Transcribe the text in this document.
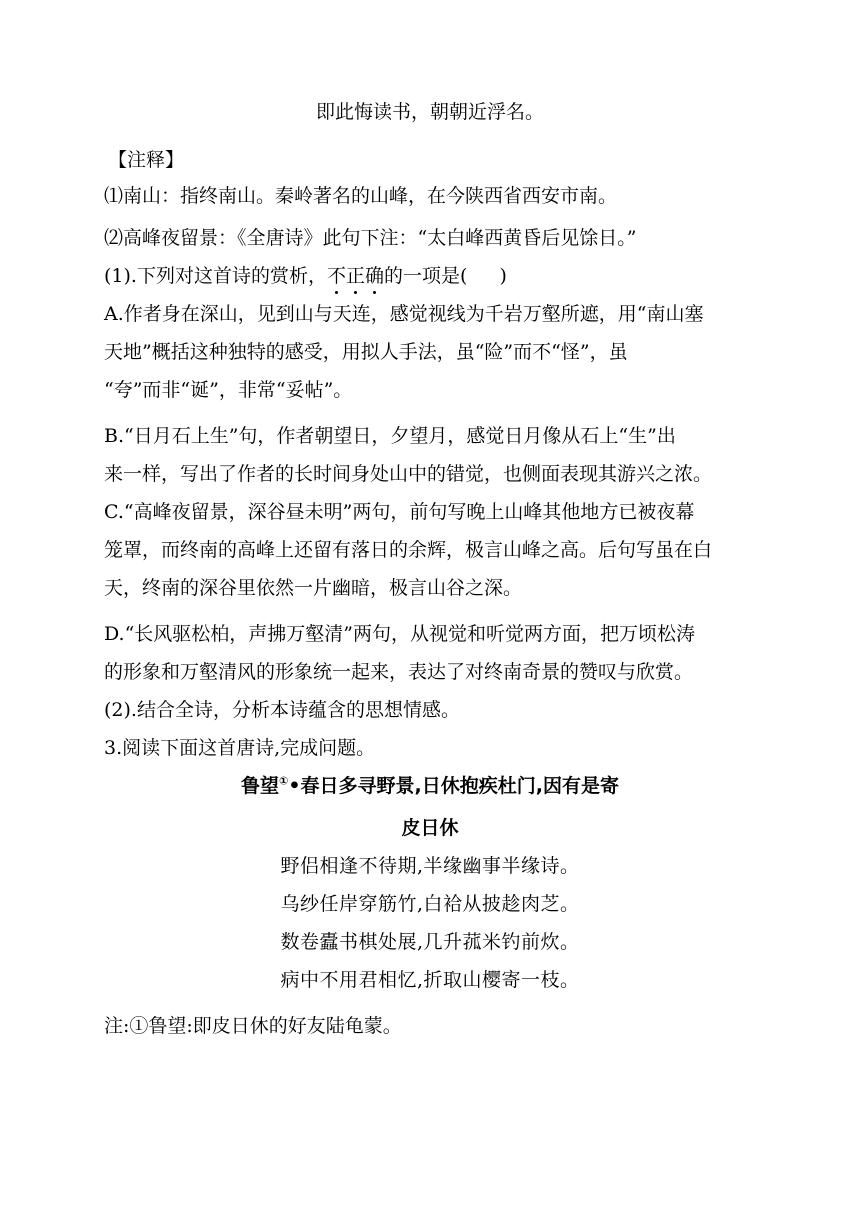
即此悔读书，朝朝近浮名。
【注释】
⑴南山：指终南山。秦岭著名的山峰，在今陕西省西安市南。
⑵高峰夜留景：《全唐诗》此句下注：“太白峰西黄昏后见馀日。”
(1).下列对这首诗的赏析，不正确的一项是( )
A.作者身在深山，见到山与天连，感觉视线为千岩万壑所遮，用“南山塞
天地”概括这种独特的感受，用拟人手法，虽“险”而不“怪”，虽
“夸”而非“诞”，非常“妥帖”。
B.“日月石上生”句，作者朝望日，夕望月，感觉日月像从石上“生”出
来一样，写出了作者的长时间身处山中的错觉，也侧面表现其游兴之浓。
C.“高峰夜留景，深谷昼未明”两句，前句写晚上山峰其他地方已被夜幕
笼罩，而终南的高峰上还留有落日的余辉，极言山峰之高。后句写虽在白
天，终南的深谷里依然一片幽暗，极言山谷之深。
D.“长风驱松柏，声拂万壑清”两句，从视觉和听觉两方面，把万顷松涛
的形象和万壑清风的形象统一起来，表达了对终南奇景的赞叹与欣赏。
(2).结合全诗，分析本诗蕴含的思想情感。
3.阅读下面这首唐诗,完成问题。
鲁望①•春日多寻野景,日休抱疾杜门,因有是寄
皮日休
野侣相逢不待期,半缘幽事半缘诗。
乌纱任岸穿筋竹,白袷从披趁肉芝。
数卷蠹书棋处展,几升菰米钓前炊。
病中不用君相忆,折取山樱寄一枝。
注:①鲁望:即皮日休的好友陆龟蒙。
